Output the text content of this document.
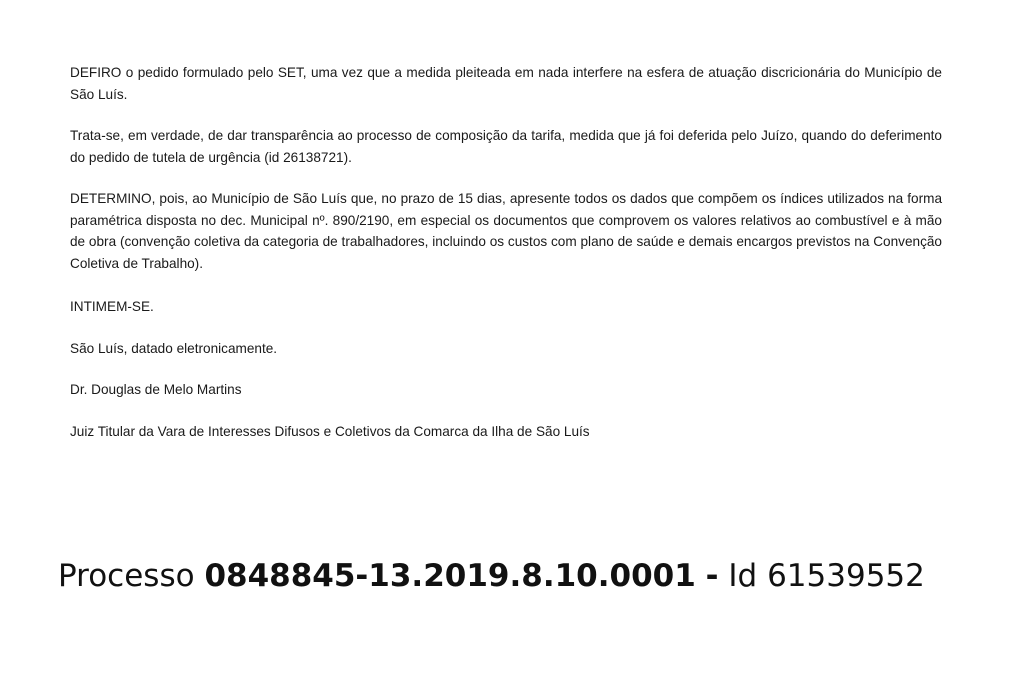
DEFIRO o pedido formulado pelo SET, uma vez que a medida pleiteada em nada interfere na esfera de atuação discricionária do Município de São Luís.

Trata-se, em verdade, de dar transparência ao processo de composição da tarifa, medida que já foi deferida pelo Juízo, quando do deferimento do pedido de tutela de urgência (id 26138721).

DETERMINO, pois, ao Município de São Luís que, no prazo de 15 dias, apresente todos os dados que compõem os índices utilizados na forma paramétrica disposta no dec. Municipal nº. 890/2190, em especial os documentos que comprovem os valores relativos ao combustível e à mão de obra (convenção coletiva da categoria de trabalhadores, incluindo os custos com plano de saúde e demais encargos previstos na Convenção Coletiva de Trabalho).

INTIMEM-SE.

São Luís, datado eletronicamente.

Dr. Douglas de Melo Martins

Juiz Titular da Vara de Interesses Difusos e Coletivos da Comarca da Ilha de São Luís

Processo 0848845-13.2019.8.10.0001 - Id 61539552
